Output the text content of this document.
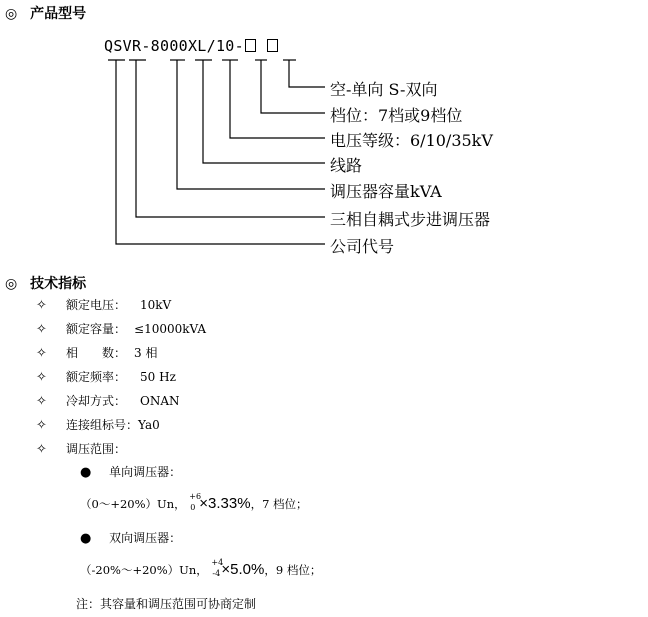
◎ 产品型号
QSVR-8000XL/10-
空-单向 S-双向
档位：7档或9档位
电压等级：6/10/35kV
线路
调压器容量kVA
三相自耦式步进调压器
公司代号
◎ 技术指标
✧ 额定电压： 10kV
✧ 额定容量： ≤10000kVA
✧ 相　　数： 3 相
✧ 额定频率： 50 Hz
✧ 冷却方式： ONAN
✧ 连接组标号：Ya0
✧ 调压范围：
● 单向调压器：
（0～+20%）Un，
+6
0 ×3.33%，7 档位；
● 双向调压器：
（-20%～+20%）Un，
+4
-4 ×5.0%，9 档位；
注：其容量和调压范围可协商定制
